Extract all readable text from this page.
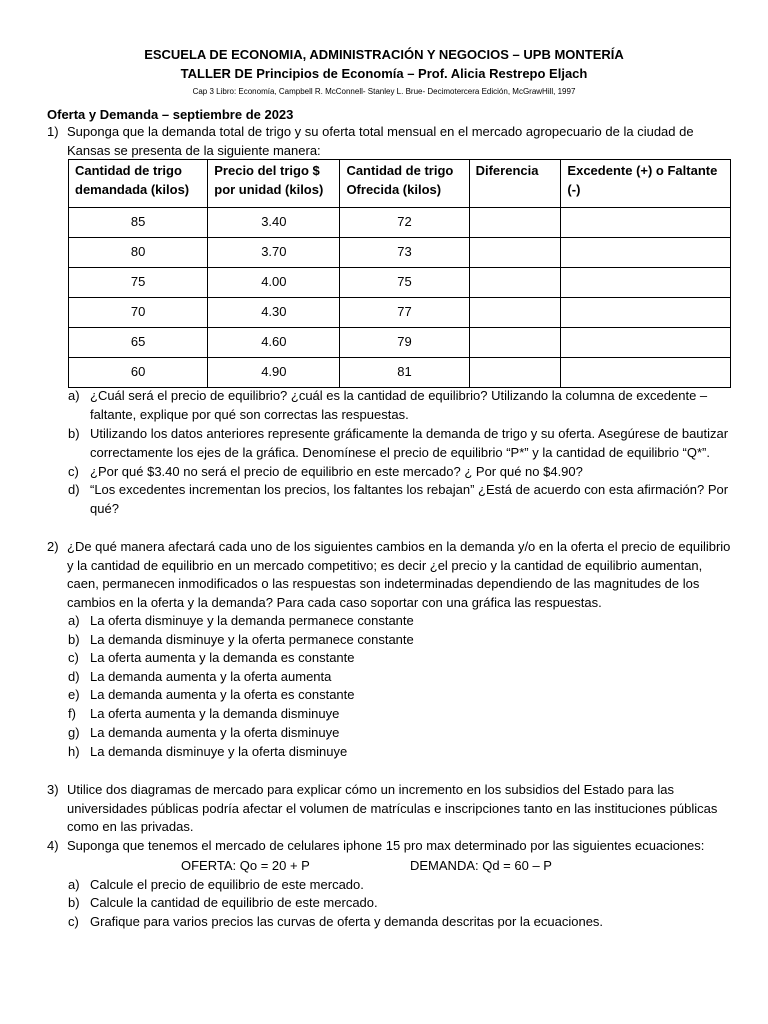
ESCUELA DE ECONOMIA, ADMINISTRACIÓN Y NEGOCIOS – UPB MONTERÍA
TALLER DE Principios de Economía – Prof. Alicia Restrepo Eljach
Cap 3 Libro: Economía, Campbell R. McConnell- Stanley L. Brue- Decimotercera Edición, McGrawHill, 1997
Oferta y Demanda – septiembre de 2023
1) Suponga que la demanda total de trigo y su oferta total mensual en el mercado agropecuario de la ciudad de Kansas se presenta de la siguiente manera:
Cantidad de trigo demandada (kilos)	Precio del trigo $ por unidad (kilos)	Cantidad de trigo Ofrecida (kilos)	Diferencia	Excedente (+) o Faltante (-)
85	3.40	72		
80	3.70	73		
75	4.00	75		
70	4.30	77		
65	4.60	79		
60	4.90	81		
a) ¿Cuál será el precio de equilibrio? ¿cuál es la cantidad de equilibrio? Utilizando la columna de excedente – faltante, explique por qué son correctas las respuestas.
b) Utilizando los datos anteriores represente gráficamente la demanda de trigo y su oferta. Asegúrese de bautizar correctamente los ejes de la gráfica. Denomínese el precio de equilibrio “P*” y la cantidad de equilibrio “Q*”.
c) ¿Por qué $3.40 no será el precio de equilibrio en este mercado? ¿ Por qué no $4.90?
d) “Los excedentes incrementan los precios, los faltantes los rebajan” ¿Está de acuerdo con esta afirmación? Por qué?
2) ¿De qué manera afectará cada uno de los siguientes cambios en la demanda y/o en la oferta el precio de equilibrio y la cantidad de equilibrio en un mercado competitivo; es decir ¿el precio y la cantidad de equilibrio aumentan, caen, permanecen inmodificados o las respuestas son indeterminadas dependiendo de las magnitudes de los cambios en la oferta y la demanda? Para cada caso soportar con una gráfica las respuestas.
a) La oferta disminuye y la demanda permanece constante
b) La demanda disminuye y la oferta permanece constante
c) La oferta aumenta y la demanda es constante
d) La demanda aumenta y la oferta aumenta
e) La demanda aumenta y la oferta es constante
f) La oferta aumenta y la demanda disminuye
g) La demanda aumenta y la oferta disminuye
h) La demanda disminuye y la oferta disminuye
3) Utilice dos diagramas de mercado para explicar cómo un incremento en los subsidios del Estado para las universidades públicas podría afectar el volumen de matrículas e inscripciones tanto en las instituciones públicas como en las privadas.
4) Suponga que tenemos el mercado de celulares iphone 15 pro max determinado por las siguientes ecuaciones:
OFERTA: Qo = 20 + P	DEMANDA: Qd = 60 – P
a) Calcule el precio de equilibrio de este mercado.
b) Calcule la cantidad de equilibrio de este mercado.
c) Grafique para varios precios las curvas de oferta y demanda descritas por la ecuaciones.
